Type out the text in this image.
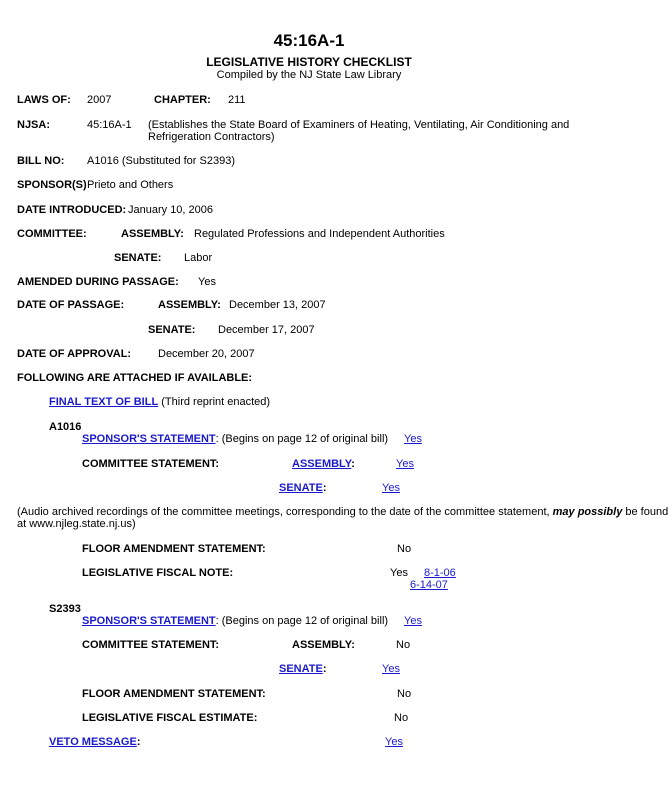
45:16A-1
LEGISLATIVE HISTORY CHECKLIST
Compiled by the NJ State Law Library
LAWS OF: 2007	CHAPTER: 211
NJSA:	45:16A-1 (Establishes the State Board of Examiners of Heating, Ventilating, Air Conditioning and
Refrigeration Contractors)
BILL NO: A1016 (Substituted for S2393)
SPONSOR(S) Prieto and Others
DATE INTRODUCED: January 10, 2006
COMMITTEE:	ASSEMBLY: Regulated Professions and Independent Authorities
SENATE: Labor
AMENDED DURING PASSAGE: Yes
DATE OF PASSAGE:	ASSEMBLY: December 13, 2007
SENATE: December 17, 2007
DATE OF APPROVAL: December 20, 2007
FOLLOWING ARE ATTACHED IF AVAILABLE:
FINAL TEXT OF BILL (Third reprint enacted)
A1016
SPONSOR'S STATEMENT: (Begins on page 12 of original bill) Yes
COMMITTEE STATEMENT:	ASSEMBLY:	Yes
SENATE:	Yes
(Audio archived recordings of the committee meetings, corresponding to the date of the committee statement, may possibly be found
at www.njleg.state.nj.us)
FLOOR AMENDMENT STATEMENT:	No
LEGISLATIVE FISCAL NOTE:	Yes 8-1-06
6-14-07
S2393
SPONSOR'S STATEMENT: (Begins on page 12 of original bill) Yes
COMMITTEE STATEMENT:	ASSEMBLY:	No
SENATE:	Yes
FLOOR AMENDMENT STATEMENT:	No
LEGISLATIVE FISCAL ESTIMATE:	No
VETO MESSAGE:	Yes
